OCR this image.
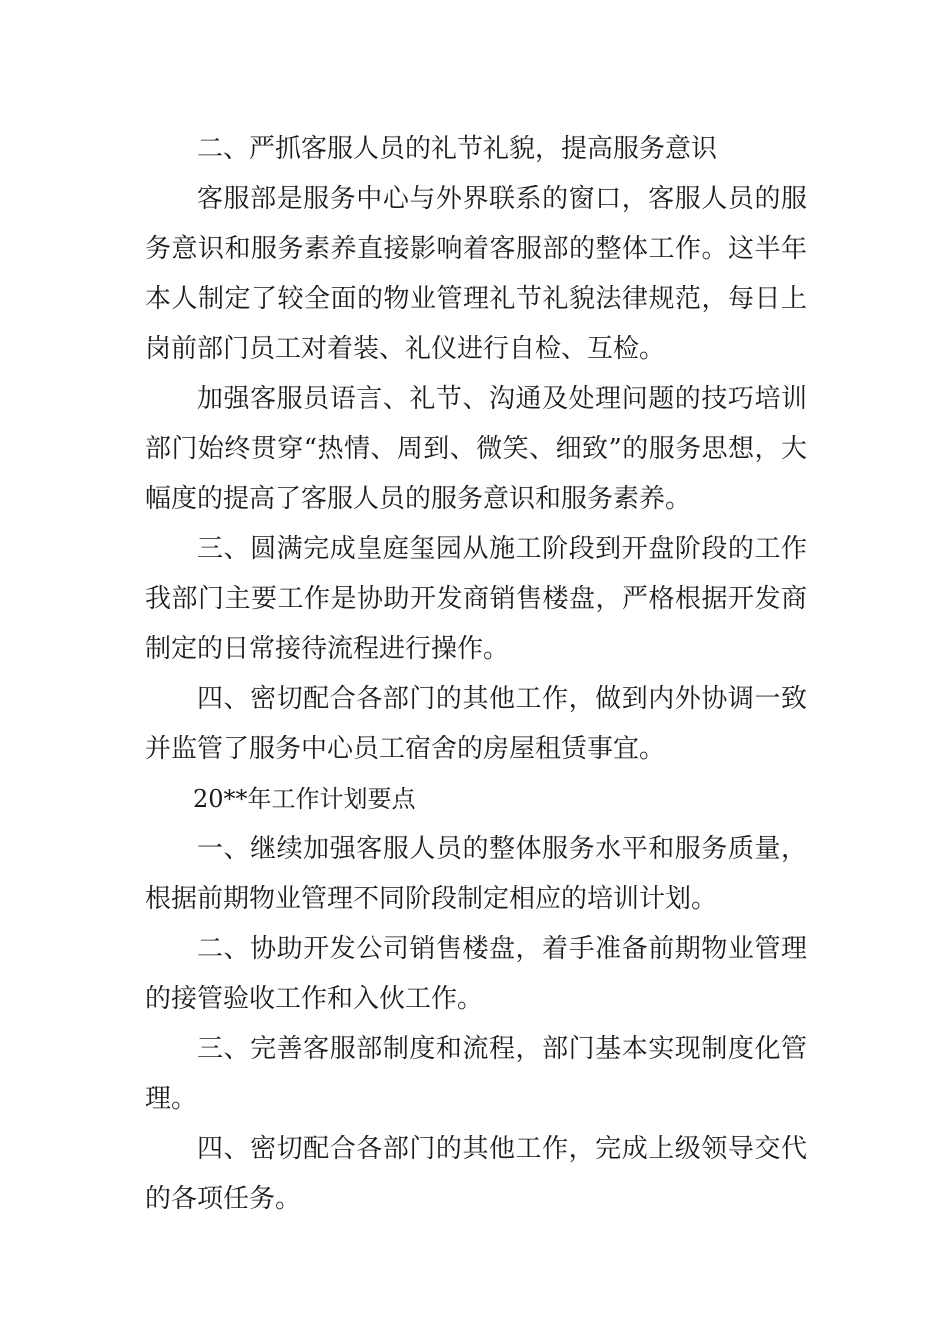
二、严抓客服人员的礼节礼貌，提高服务意识

客服部是服务中心与外界联系的窗口，客服人员的服务意识和服务素养直接影响着客服部的整体工作。这半年本人制定了较全面的物业管理礼节礼貌法律规范，每日上岗前部门员工对着装、礼仪进行自检、互检。

加强客服员语言、礼节、沟通及处理问题的技巧培训部门始终贯穿“热情、周到、微笑、细致”的服务思想，大幅度的提高了客服人员的服务意识和服务素养。

三、圆满完成皇庭玺园从施工阶段到开盘阶段的工作我部门主要工作是协助开发商销售楼盘，严格根据开发商制定的日常接待流程进行操作。

四、密切配合各部门的其他工作，做到内外协调一致并监管了服务中心员工宿舍的房屋租赁事宜。

20**年工作计划要点

一、继续加强客服人员的整体服务水平和服务质量，根据前期物业管理不同阶段制定相应的培训计划。

二、协助开发公司销售楼盘，着手准备前期物业管理的接管验收工作和入伙工作。

三、完善客服部制度和流程，部门基本实现制度化管理。

四、密切配合各部门的其他工作，完成上级领导交代的各项任务。
